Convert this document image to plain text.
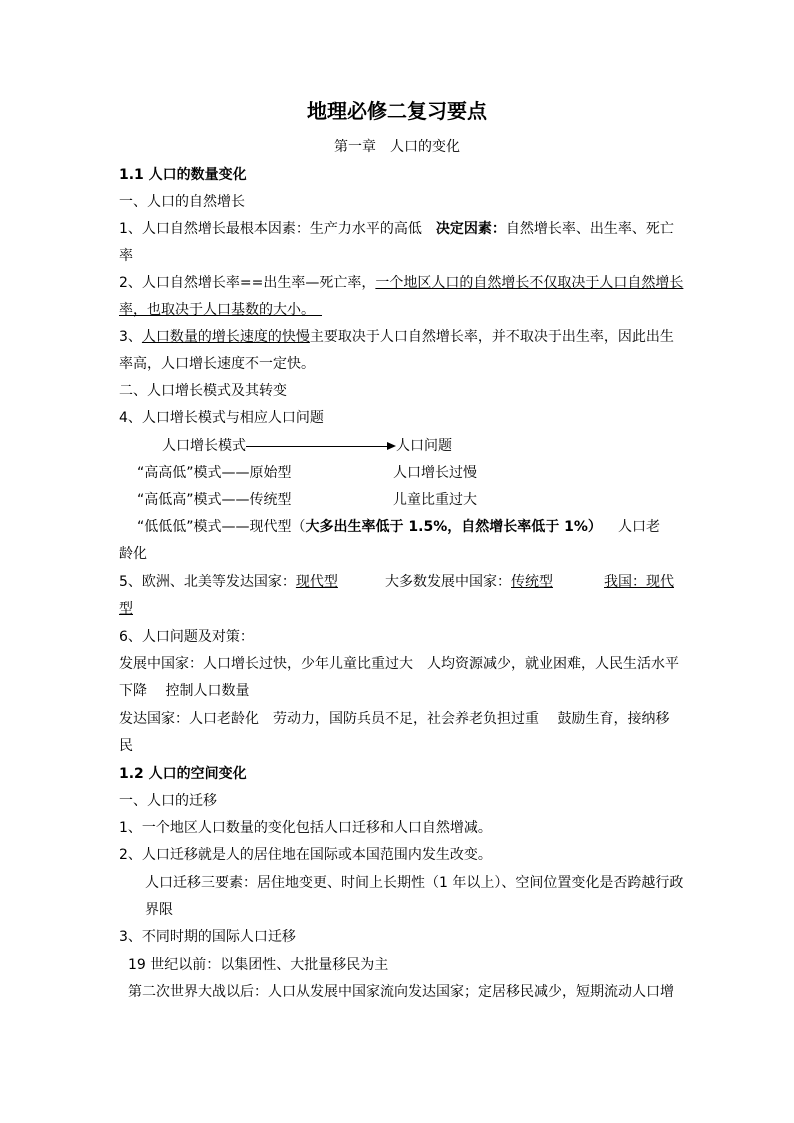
地理必修二复习要点
第一章　人口的变化
1.1 人口的数量变化
一、人口的自然增长
1、人口自然增长最根本因素：生产力水平的高低　决定因素：自然增长率、出生率、死亡
率
2、人口自然增长率==出生率—死亡率，一个地区人口的自然增长不仅取决于人口自然增长
率，也取决于人口基数的大小。　
3、人口数量的增长速度的快慢主要取决于人口自然增长率，并不取决于出生率，因此出生
率高，人口增长速度不一定快。
二、人口增长模式及其转变
4、人口增长模式与相应人口问题
人口增长模式	人口问题
“高高低”模式——原始型	人口增长过慢
“高低高”模式——传统型	儿童比重过大
“低低低”模式——现代型（大多出生率低于 1.5%，自然增长率低于 1%） 人口老
龄化
5、欧洲、北美等发达国家：现代型	大多数发展中国家：传统型	我国：现代
型
6、人口问题及对策：
发展中国家：人口增长过快，少年儿童比重过大　人均资源减少，就业困难，人民生活水平
下降　 控制人口数量
发达国家：人口老龄化　劳动力，国防兵员不足，社会养老负担过重　 鼓励生育，接纳移
民
1.2 人口的空间变化
一、人口的迁移
1、一个地区人口数量的变化包括人口迁移和人口自然增减。
2、人口迁移就是人的居住地在国际或本国范围内发生改变。
人口迁移三要素：居住地变更、时间上长期性（1 年以上）、空间位置变化是否跨越行政
界限
3、不同时期的国际人口迁移
19 世纪以前：以集团性、大批量移民为主
第二次世界大战以后：人口从发展中国家流向发达国家；定居移民减少，短期流动人口增
